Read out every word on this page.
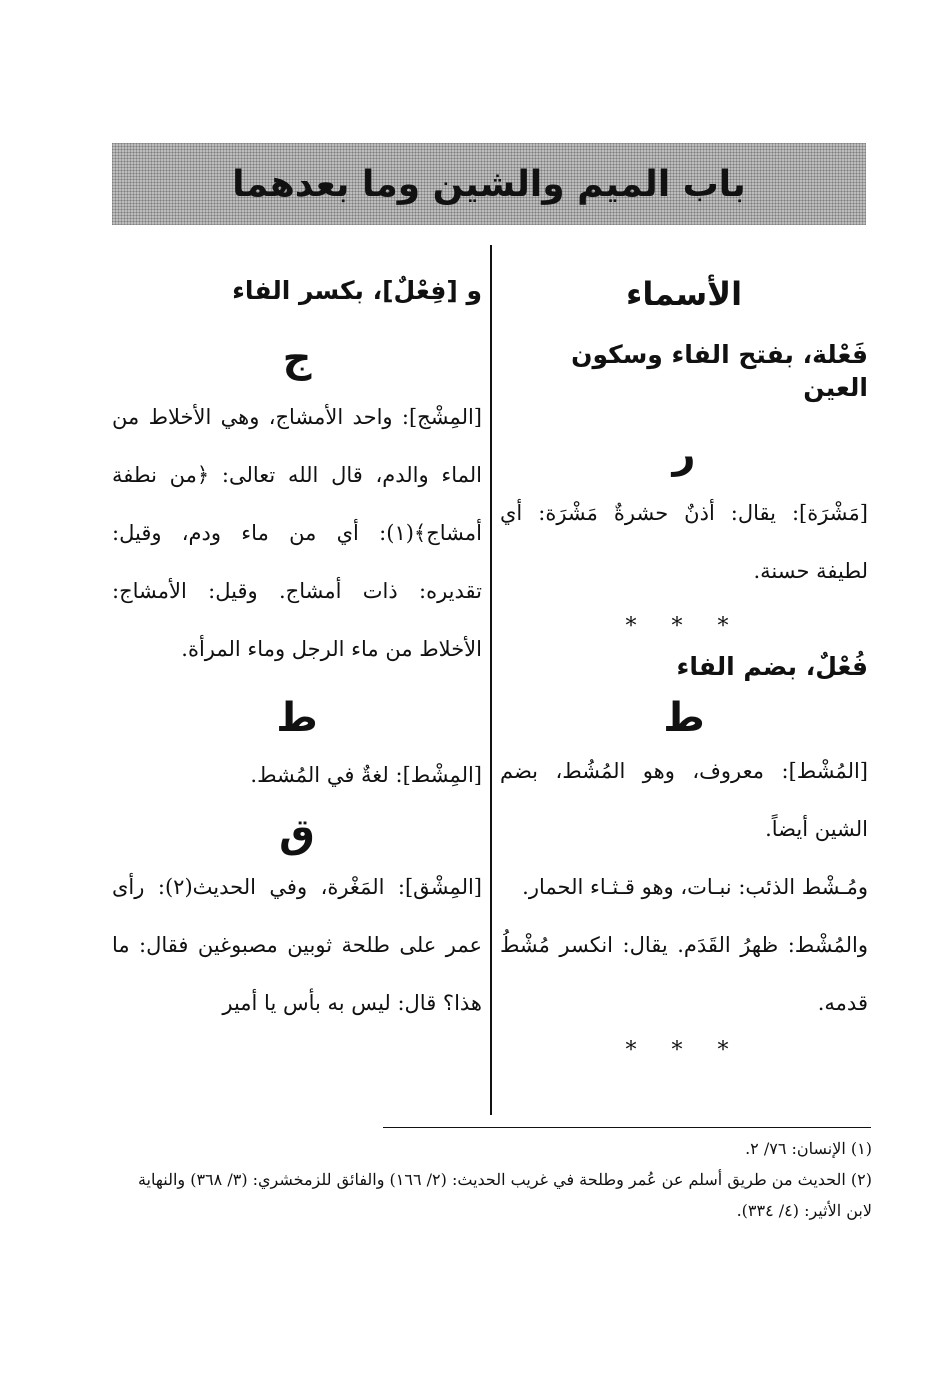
باب الميم والشين وما بعدهما
الأسماء
فَعْلة، بفتح الفاء وسكون العين
ر
[مَشْرَة]: يقال: أذنٌ حشرةٌ مَشْرَة: أي لطيفة حسنة.
* * *
فُعْلٌ، بضم الفاء
ط
[المُشْط]: معروف، وهو المُشُط، بضم الشين أيضاً.
ومُـشْط الذئب: نبـات، وهو قـثـاء الحمار.
والمُشْط: ظهرُ القَدَم. يقال: انكسر مُشْطُ قدمه.
* * *
و [فِعْلٌ]، بكسر الفاء
ج
[المِشْج]: واحد الأمشاج، وهي الأخلاط من الماء والدم، قال الله تعالى: ﴿من نطفة أمشاج﴾(١): أي من ماء ودم، وقيل: تقديره: ذات أمشاج. وقيل: الأمشاج: الأخلاط من ماء الرجل وماء المرأة.
ط
[المِشْط]: لغةٌ في المُشط.
ق
[المِشْق]: المَغْرة، وفي الحديث(٢): رأى عمر على طلحة ثوبين مصبوغين فقال: ما هذا؟ قال: ليس به بأس يا أمير
(١) الإنسان: ٧٦/ ٢.
(٢) الحديث من طريق أسلم عن عُمر وطلحة في غريب الحديث: (٢/ ١٦٦) والفائق للزمخشري: (٣/ ٣٦٨) والنهاية لابن الأثير: (٤/ ٣٣٤).
